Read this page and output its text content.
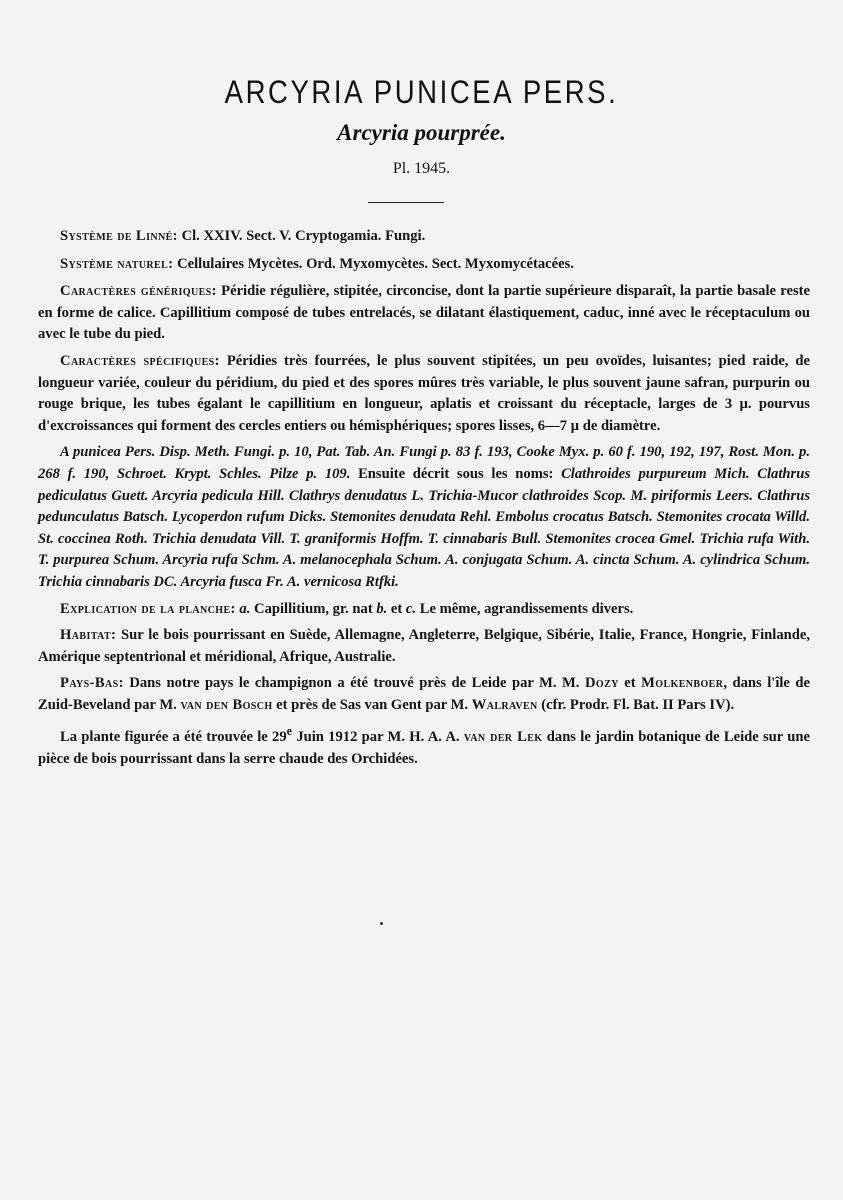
ARCYRIA PUNICEA PERS.
Arcyria pourprée.
Pl. 1945.

Système de Linné: Cl. XXIV. Sect. V. Cryptogamia. Fungi.

Système naturel: Cellulaires Mycètes. Ord. Myxomycètes. Sect. Myxomycétacées.

Caractères génériques: Péridie régulière, stipitée, circoncise, dont la partie supérieure disparaît, la partie basale reste en forme de calice. Capillitium composé de tubes entrelacés, se dilatant élastiquement, caduc, inné avec le réceptaculum ou avec le tube du pied.

Caractères spécifiques: Péridies très fourrées, le plus souvent stipitées, un peu ovoïdes, luisantes; pied raide, de longueur variée, couleur du péridium, du pied et des spores mûres très variable, le plus souvent jaune safran, purpurin ou rouge brique, les tubes égalant le capillitium en longueur, aplatis et croissant du réceptacle, larges de 3 µ. pourvus d'excroissances qui forment des cercles entiers ou hémisphériques; spores lisses, 6—7 µ de diamètre.

A punicea Pers. Disp. Meth. Fungi. p. 10, Pat. Tab. An. Fungi p. 83 f. 193, Cooke Myx. p. 60 f. 190, 192, 197, Rost. Mon. p. 268 f. 190, Schroet. Krypt. Schles. Pilze p. 109. Ensuite décrit sous les noms: Clathroides purpureum Mich. Clathrus pediculatus Guett. Arcyria pedicula Hill. Clathrys denudatus L. Trichia-Mucor clathroides Scop. M. piriformis Leers. Clathrus pedunculatus Batsch. Lycoperdon rufum Dicks. Stemonites denudata Rehl. Embolus crocatus Batsch. Stemonites crocata Willd. St. coccinea Roth. Trichia denudata Vill. T. graniformis Hoffm. T. cinnabaris Bull. Stemonites crocea Gmel. Trichia rufa With. T. purpurea Schum. Arcyria rufa Schm. A. melanocephala Schum. A. conjugata Schum. A. cincta Schum. A. cylindrica Schum. Trichia cinnabaris DC. Arcyria fusca Fr. A. vernicosa Rtfki.

Explication de la planche: a. Capillitium, gr. nat b. et c. Le même, agrandissements divers.

Habitat: Sur le bois pourrissant en Suède, Allemagne, Angleterre, Belgique, Sibérie, Italie, France, Hongrie, Finlande, Amérique septentrional et méridional, Afrique, Australie.

Pays-Bas: Dans notre pays le champignon a été trouvé près de Leide par M. M. Dozy et Molkenboer, dans l'île de Zuid-Beveland par M. van den Bosch et près de Sas van Gent par M. Walraven (cfr. Prodr. Fl. Bat. II Pars IV).

La plante figurée a été trouvée le 29e Juin 1912 par M. H. A. A. van der Lek dans le jardin botanique de Leide sur une pièce de bois pourrissant dans la serre chaude des Orchidées.
